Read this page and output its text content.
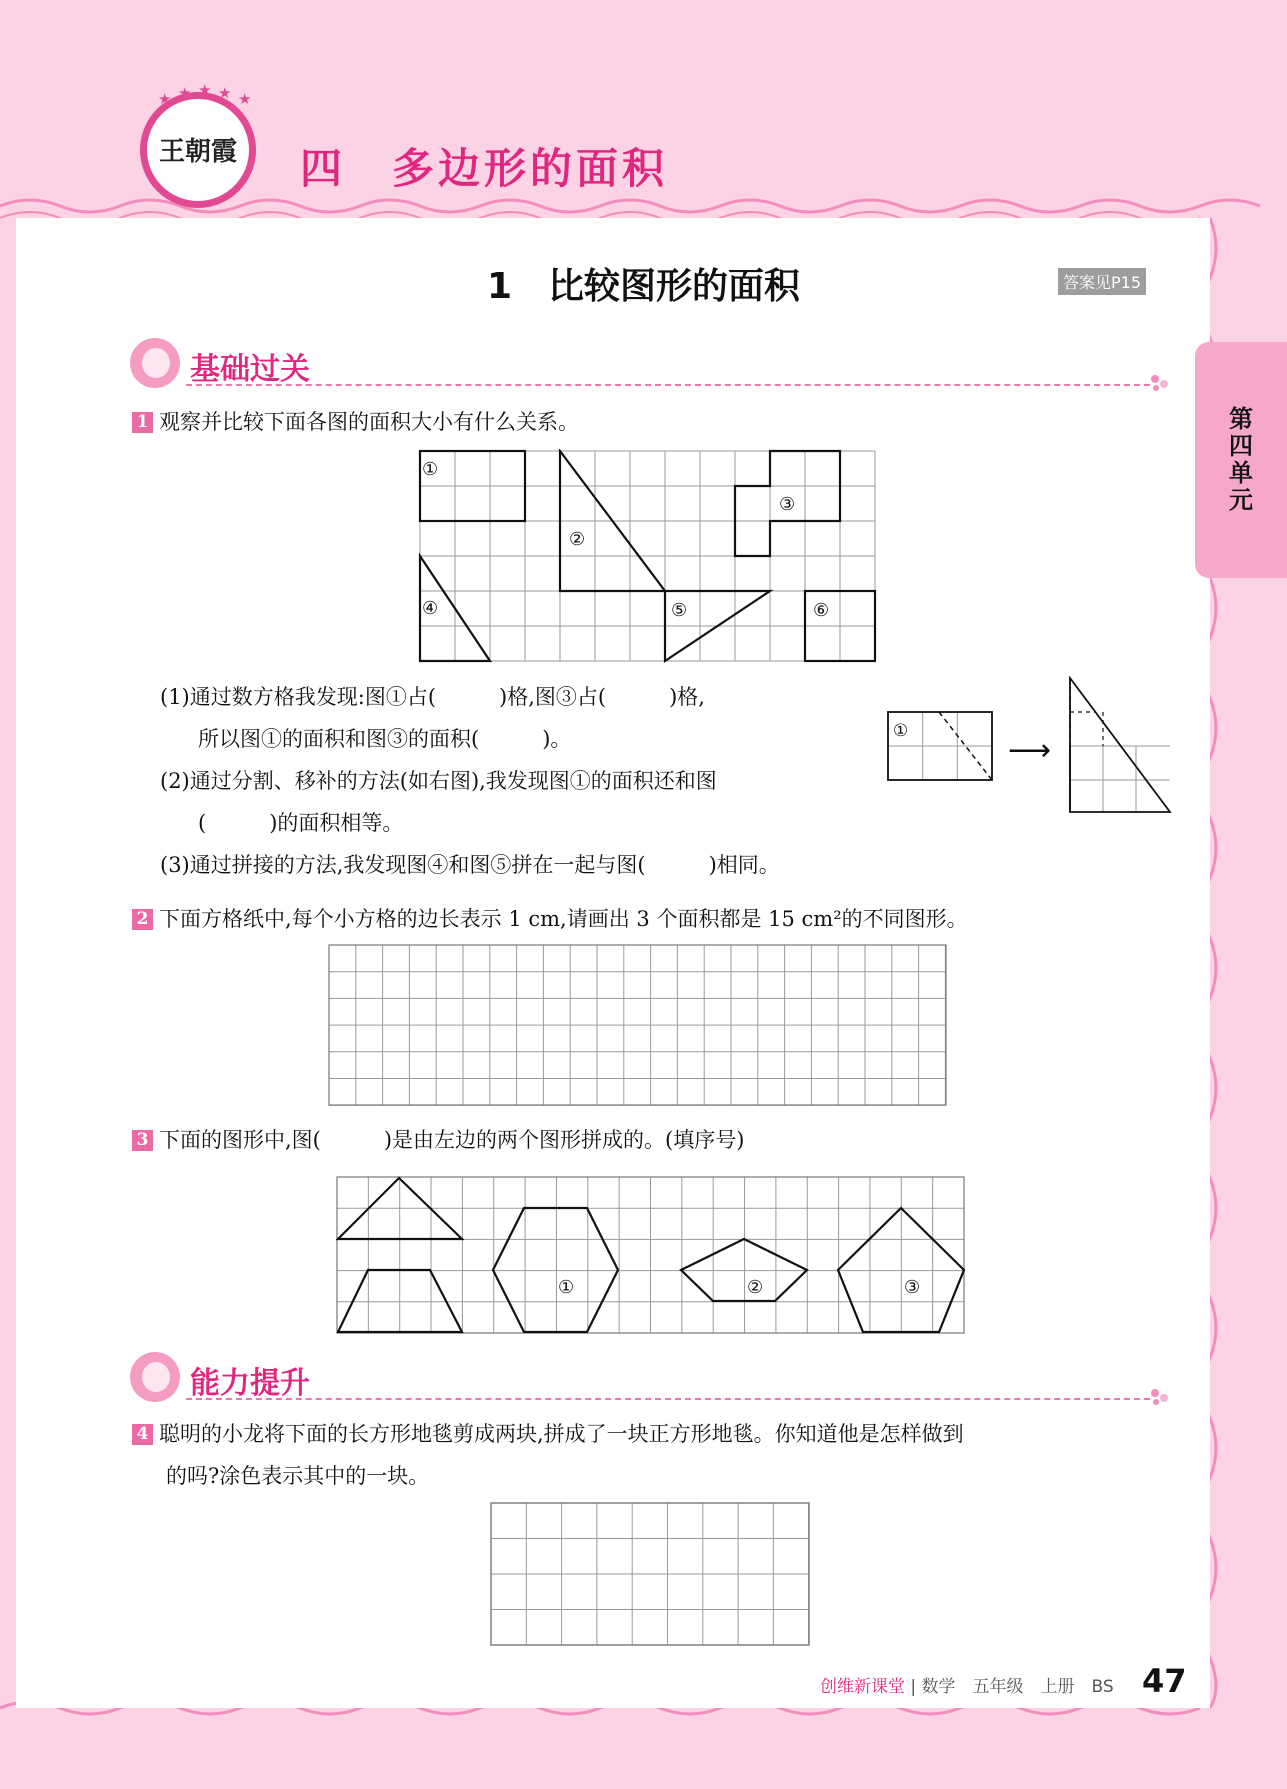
王朝霞
★ ★ ★ ★ ★
四　多边形的面积
第四单元
1　比较图形的面积	答案见P15
基础过关
1 观察并比较下面各图的面积大小有什么关系。
①
②
③
④	⑤	⑥
(1)通过数方格我发现:图①占(　　　)格,图③占(　　　)格,
所以图①的面积和图③的面积(　　　)。
(2)通过分割、移补的方法(如右图),我发现图①的面积还和图
(　　　)的面积相等。
(3)通过拼接的方法,我发现图④和图⑤拼在一起与图(　　　)相同。
①
⟶
2 下面方格纸中,每个小方格的边长表示 1 cm,请画出 3 个面积都是 15 cm²的不同图形。
3 下面的图形中,图(　　　)是由左边的两个图形拼成的。(填序号)
①	②	③
能力提升
4 聪明的小龙将下面的长方形地毯剪成两块,拼成了一块正方形地毯。你知道他是怎样做到
的吗?涂色表示其中的一块。
创维新课堂 | 数学　五年级　上册　BS 47
